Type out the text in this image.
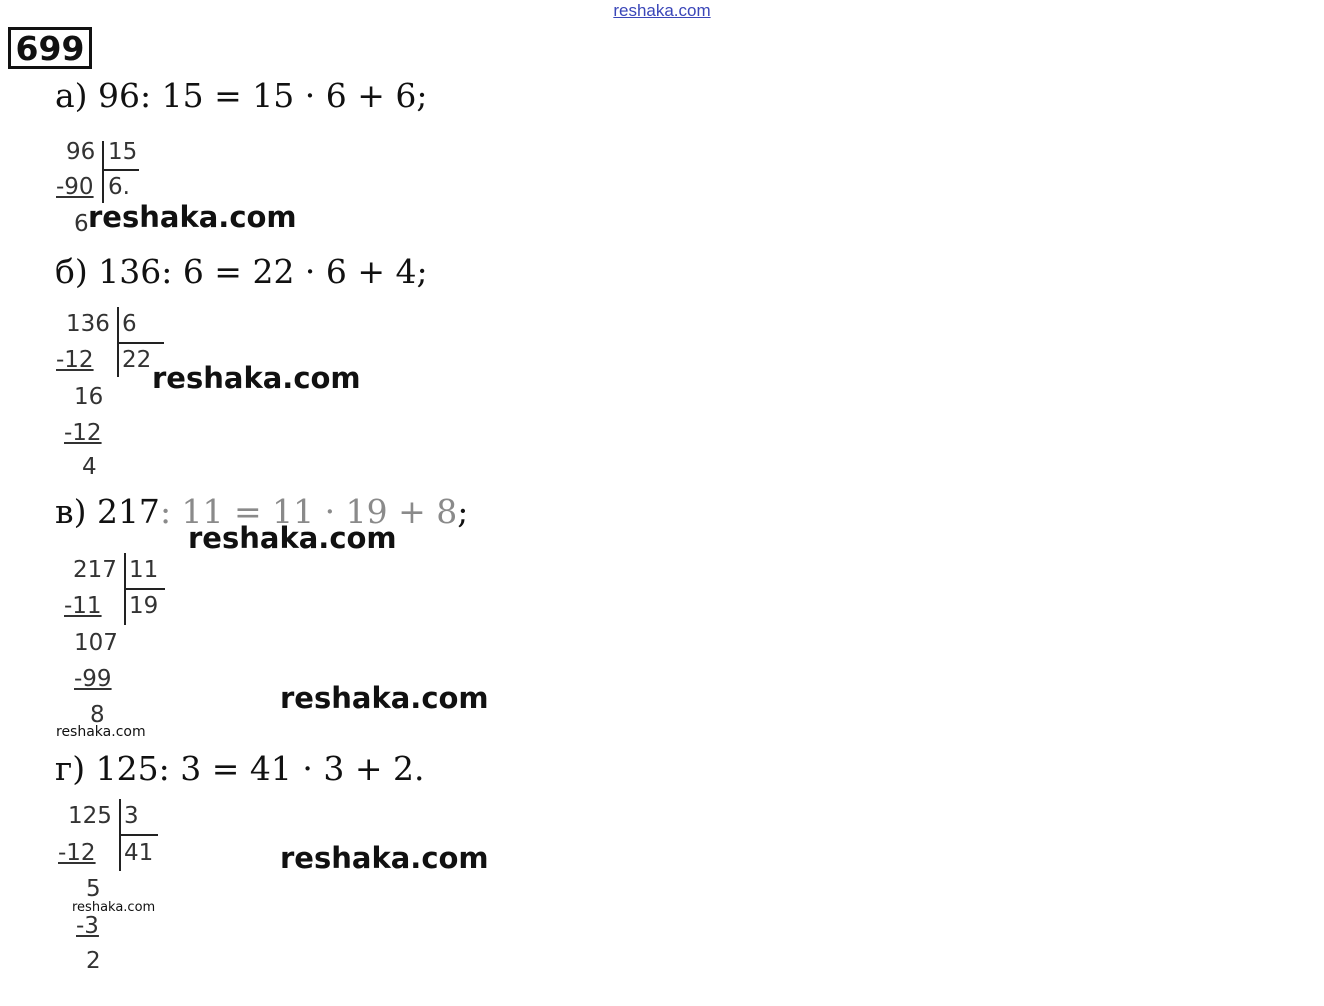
reshaka.com
699
а) 96: 15 = 15 · 6 + 6;
96 15
-90 6.
6 reshaka.com
б) 136: 6 = 22 · 6 + 4;
136 6
-12 22
16
-12
4
reshaka.com
в) 217: 11 = 11 · 19 + 8;
reshaka.com
217 11
-11 19
107
-99
8	reshaka.com
reshaka.com
г) 125: 3 = 41 · 3 + 2.
125 3
-12 41
5
-3
2
reshaka.com
reshaka.com
